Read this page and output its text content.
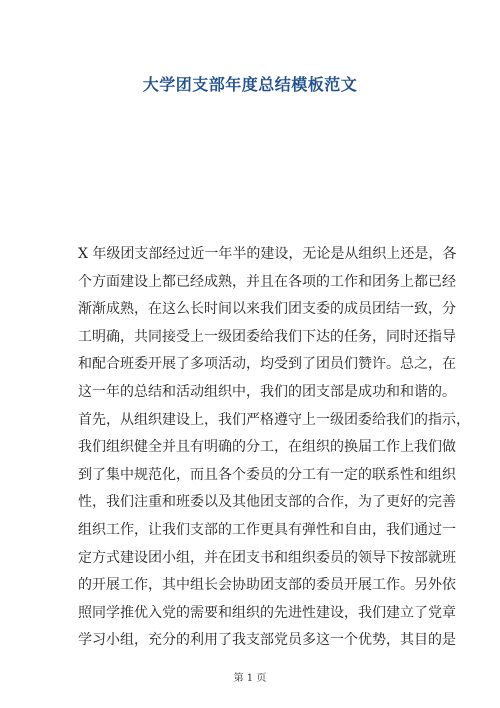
大学团支部年度总结模板范文
X 年级团支部经过近一年半的建设，无论是从组织上还是，各
个方面建设上都已经成熟，并且在各项的工作和团务上都已经
渐渐成熟，在这么长时间以来我们团支委的成员团结一致，分
工明确，共同接受上一级团委给我们下达的任务，同时还指导
和配合班委开展了多项活动，均受到了团员们赞许。总之，在
这一年的总结和活动组织中，我们的团支部是成功和和谐的。
首先，从组织建设上，我们严格遵守上一级团委给我们的指示，
我们组织健全并且有明确的分工，在组织的换届工作上我们做
到了集中规范化，而且各个委员的分工有一定的联系性和组织
性，我们注重和班委以及其他团支部的合作，为了更好的完善
组织工作，让我们支部的工作更具有弹性和自由，我们通过一
定方式建设团小组，并在团支书和组织委员的领导下按部就班
的开展工作，其中组长会协助团支部的委员开展工作。另外依
照同学推优入党的需要和组织的先进性建设，我们建立了党章
学习小组，充分的利用了我支部党员多这一个优势，其目的是
第 1 页
